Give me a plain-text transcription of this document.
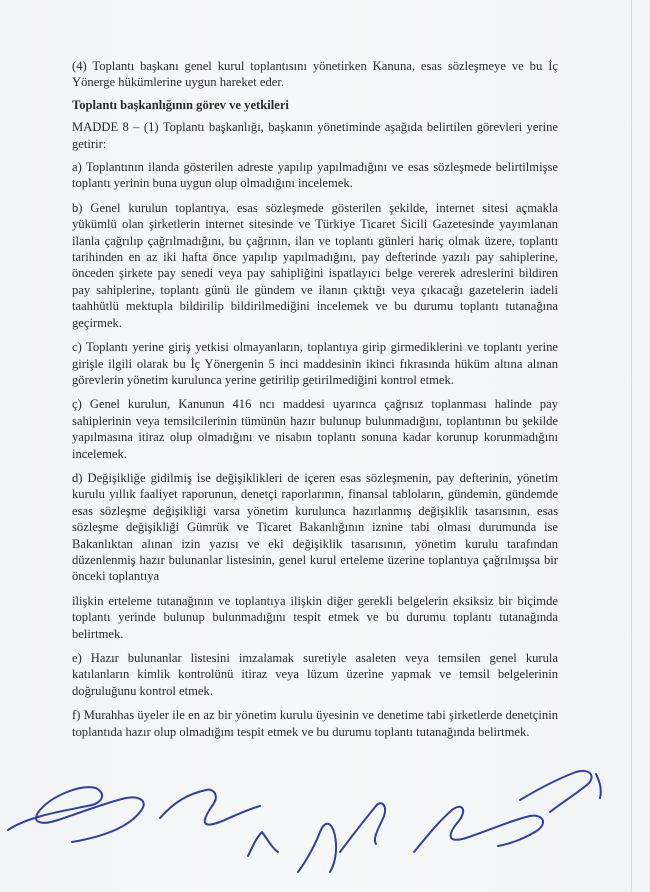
(4) Toplantı başkanı genel kurul toplantısını yönetirken Kanuna, esas sözleşmeye ve bu İç Yönerge hükümlerine uygun hareket eder.

Toplantı başkanlığının görev ve yetkileri

MADDE 8 – (1) Toplantı başkanlığı, başkanın yönetiminde aşağıda belirtilen görevleri yerine getirir:

a) Toplantının ilanda gösterilen adreste yapılıp yapılmadığını ve esas sözleşmede belirtilmişse toplantı yerinin buna uygun olup olmadığını incelemek.

b) Genel kurulun toplantıya, esas sözleşmede gösterilen şekilde, internet sitesi açmakla yükümlü olan şirketlerin internet sitesinde ve Türkiye Ticaret Sicili Gazetesinde yayımlanan ilanla çağrılıp çağrılmadığını, bu çağrının, ilan ve toplantı günleri hariç olmak üzere, toplantı tarihinden en az iki hafta önce yapılıp yapılmadığını, pay defterinde yazılı pay sahiplerine, önceden şirkete pay senedi veya pay sahipliğini ispatlayıcı belge vererek adreslerini bildiren pay sahiplerine, toplantı günü ile gündem ve ilanın çıktığı veya çıkacağı gazetelerin iadeli taahhütlü mektupla bildirilip bildirilmediğini incelemek ve bu durumu toplantı tutanağına geçirmek.

c) Toplantı yerine giriş yetkisi olmayanların, toplantıya girip girmediklerini ve toplantı yerine girişle ilgili olarak bu İç Yönergenin 5 inci maddesinin ikinci fıkrasında hüküm altına alınan görevlerin yönetim kurulunca yerine getirilip getirilmediğini kontrol etmek.

ç) Genel kurulun, Kanunun 416 ncı maddesi uyarınca çağrısız toplanması halinde pay sahiplerinin veya temsilcilerinin tümünün hazır bulunup bulunmadığını, toplantının bu şekilde yapılmasına itiraz olup olmadığını ve nisabın toplantı sonuna kadar korunup korunmadığını incelemek.

d) Değişikliğe gidilmiş ise değişiklikleri de içeren esas sözleşmenin, pay defterinin, yönetim kurulu yıllık faaliyet raporunun, denetçi raporlarının, finansal tabloların, gündemin, gündemde esas sözleşme değişikliği varsa yönetim kurulunca hazırlanmış değişiklik tasarısının, esas sözleşme değişikliği Gümrük ve Ticaret Bakanlığının iznine tabi olması durumunda ise Bakanlıktan alınan izin yazısı ve eki değişiklik tasarısının, yönetim kurulu tarafından düzenlenmiş hazır bulunanlar listesinin, genel kurul erteleme üzerine toplantıya çağrılmışsa bir önceki toplantıya

ilişkin erteleme tutanağının ve toplantıya ilişkin diğer gerekli belgelerin eksiksiz bir biçimde toplantı yerinde bulunup bulunmadığını tespit etmek ve bu durumu toplantı tutanağında belirtmek.

e) Hazır bulunanlar listesini imzalamak suretiyle asaleten veya temsilen genel kurula katılanların kimlik kontrolünü itiraz veya lüzum üzerine yapmak ve temsil belgelerinin doğruluğunu kontrol etmek.

f) Murahhas üyeler ile en az bir yönetim kurulu üyesinin ve denetime tabi şirketlerde denetçinin toplantıda hazır olup olmadığını tespit etmek ve bu durumu toplantı tutanağında belirtmek.
